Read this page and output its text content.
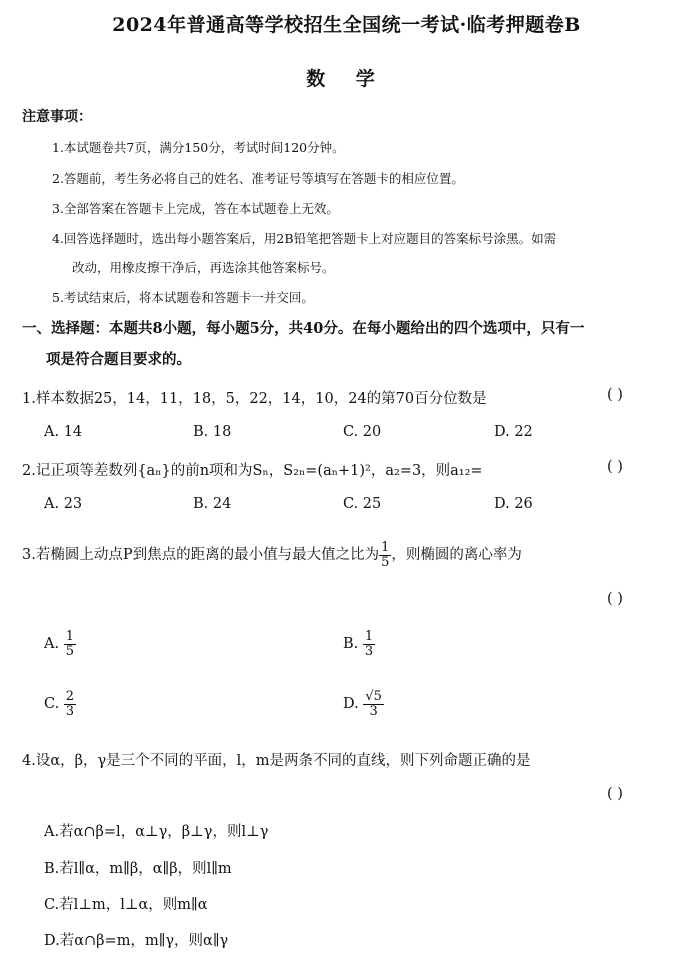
2024年普通高等学校招生全国统一考试·临考押题卷B
数 学
注意事项：
1.本试题卷共7页，满分150分，考试时间120分钟。
2.答题前，考生务必将自己的姓名、准考证号等填写在答题卡的相应位置。
3.全部答案在答题卡上完成，答在本试题卷上无效。
4.回答选择题时，选出每小题答案后，用2B铅笔把答题卡上对应题目的答案标号涂黑。如需
改动，用橡皮擦干净后，再选涂其他答案标号。
5.考试结束后，将本试题卷和答题卡一并交回。
一、选择题：本题共8小题，每小题5分，共40分。在每小题给出的四个选项中，只有一
项是符合题目要求的。
1.样本数据25，14，11，18，5，22，14，10，24的第70百分位数是	( )
A. 14	B. 18	C. 20	D. 22
2.记正项等差数列{aₙ}的前n项和为Sₙ，S₂ₙ=(aₙ+1)²，a₂=3，则a₁₂=	( )
A. 23	B. 24	C. 25	D. 26
3.若椭圆上动点P到焦点的距离的最小值与最大值之比为 $\frac{1}{5}$ ，则椭圆的离心率为
( )
A. $\frac{1}{5}$	B. $\frac{1}{3}$
C. $\frac{2}{3}$	D. $\frac{√5}{3}$
4.设α，β，γ是三个不同的平面，l，m是两条不同的直线，则下列命题正确的是
( )
A.若α∩β=l，α⊥γ，β⊥γ，则l⊥γ
B.若l∥α，m∥β，α∥β，则l∥m
C.若l⊥m，l⊥α，则m∥α
D.若α∩β=m，m∥γ，则α∥γ
